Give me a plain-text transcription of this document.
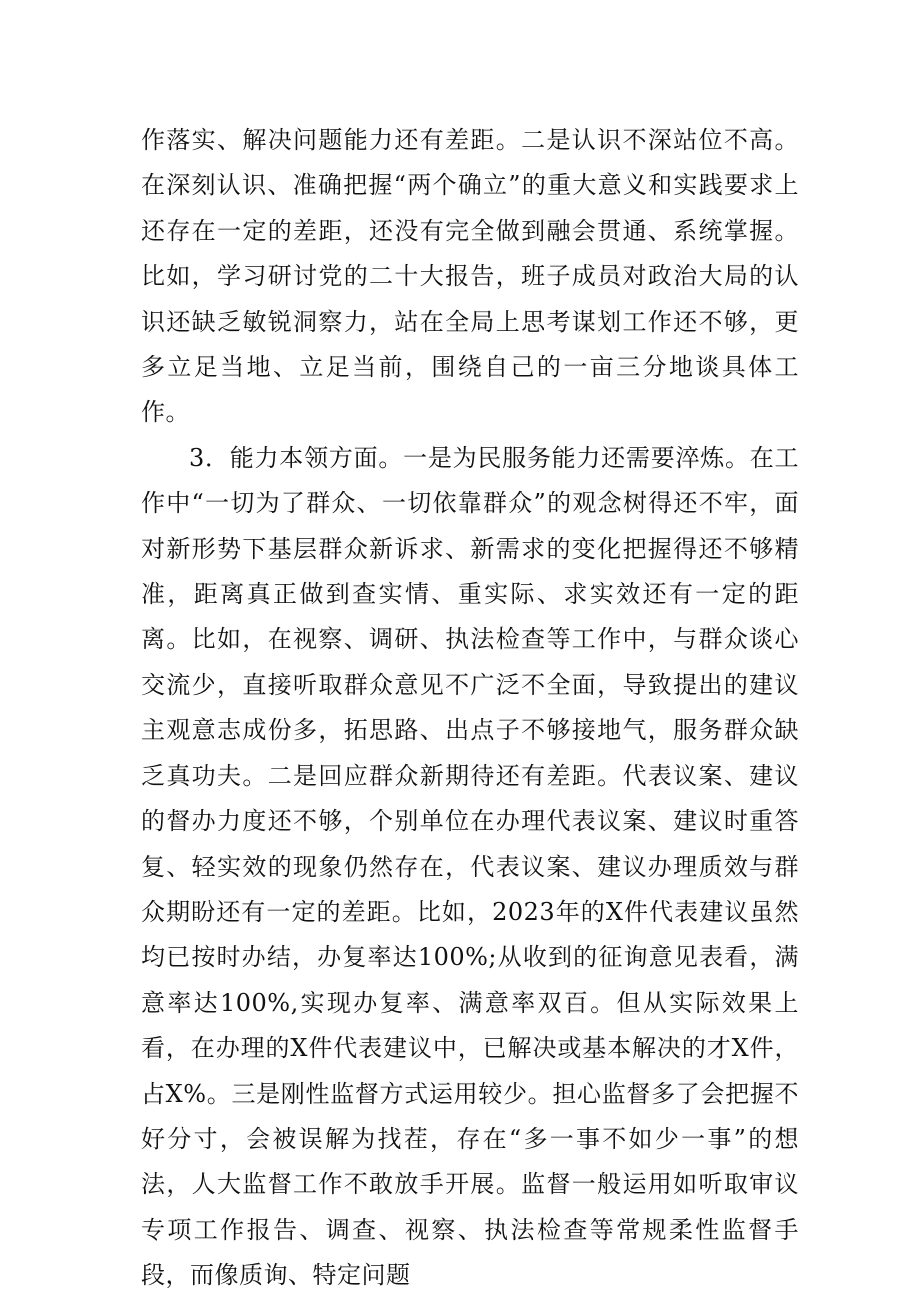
作落实、解决问题能力还有差距。二是认识不深站位不高。在深刻认识、准确把握“两个确立”的重大意义和实践要求上还存在一定的差距，还没有完全做到融会贯通、系统掌握。比如，学习研讨党的二十大报告，班子成员对政治大局的认识还缺乏敏锐洞察力，站在全局上思考谋划工作还不够，更多立足当地、立足当前，围绕自己的一亩三分地谈具体工作。

3．能力本领方面。一是为民服务能力还需要淬炼。在工作中“一切为了群众、一切依靠群众”的观念树得还不牢，面对新形势下基层群众新诉求、新需求的变化把握得还不够精准，距离真正做到查实情、重实际、求实效还有一定的距离。比如，在视察、调研、执法检查等工作中，与群众谈心交流少，直接听取群众意见不广泛不全面，导致提出的建议主观意志成份多，拓思路、出点子不够接地气，服务群众缺乏真功夫。二是回应群众新期待还有差距。代表议案、建议的督办力度还不够，个别单位在办理代表议案、建议时重答复、轻实效的现象仍然存在，代表议案、建议办理质效与群众期盼还有一定的差距。比如，2023年的X件代表建议虽然均已按时办结，办复率达100%;从收到的征询意见表看，满意率达100%,实现办复率、满意率双百。但从实际效果上看，在办理的X件代表建议中，已解决或基本解决的才X件，占X%。三是刚性监督方式运用较少。担心监督多了会把握不好分寸，会被误解为找茬，存在“多一事不如少一事”的想法，人大监督工作不敢放手开展。监督一般运用如听取审议专项工作报告、调查、视察、执法检查等常规柔性监督手段，而像质询、特定问题
